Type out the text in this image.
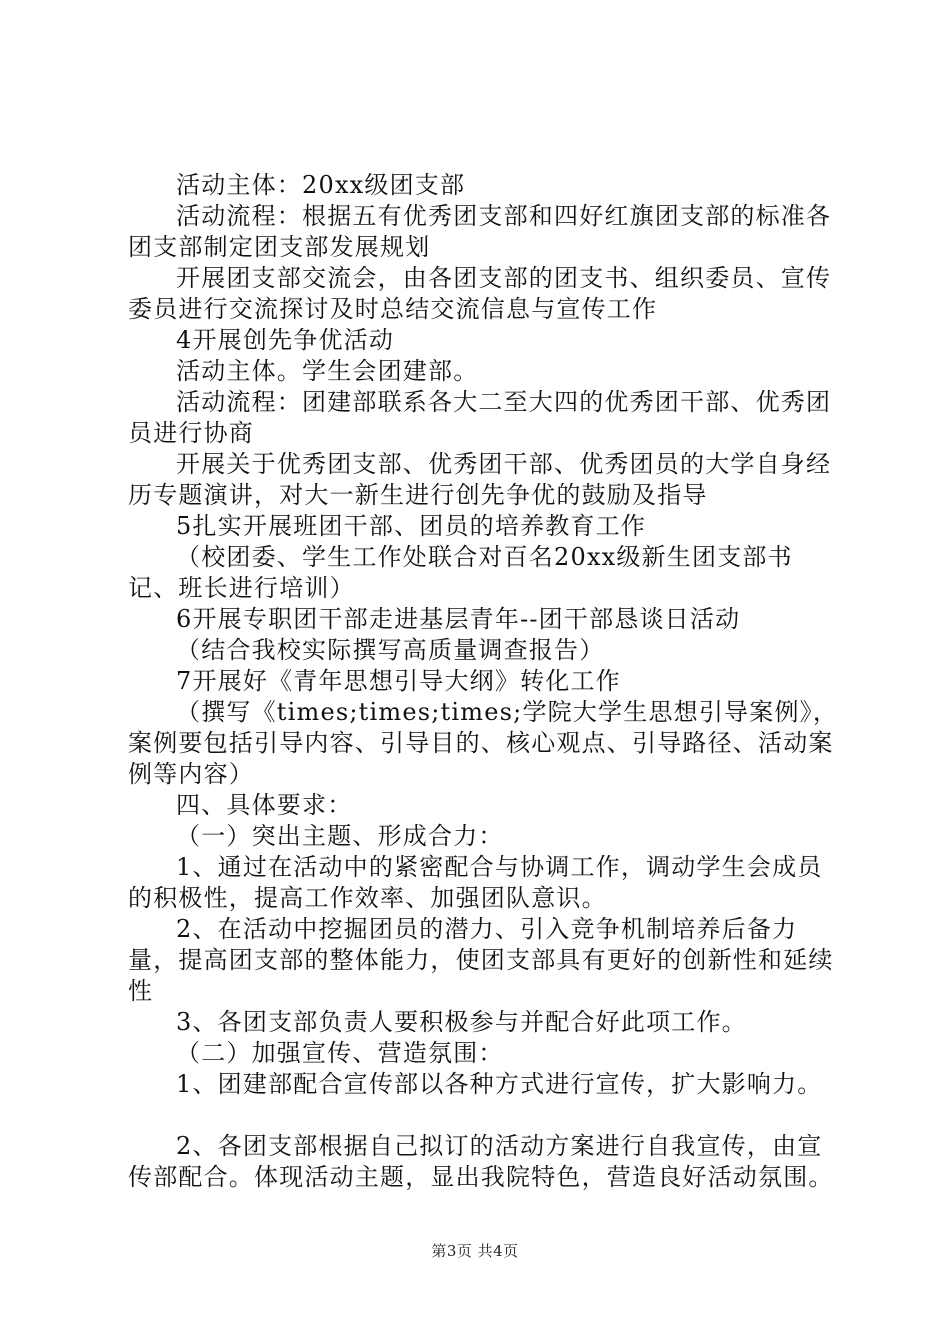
活动主体：20xx级团支部

活动流程：根据五有优秀团支部和四好红旗团支部的标准各团支部制定团支部发展规划

开展团支部交流会，由各团支部的团支书、组织委员、宣传委员进行交流探讨及时总结交流信息与宣传工作

4开展创先争优活动

活动主体。学生会团建部。

活动流程：团建部联系各大二至大四的优秀团干部、优秀团员进行协商

开展关于优秀团支部、优秀团干部、优秀团员的大学自身经历专题演讲，对大一新生进行创先争优的鼓励及指导

5扎实开展班团干部、团员的培养教育工作

（校团委、学生工作处联合对百名20xx级新生团支部书记、班长进行培训）

6开展专职团干部走进基层青年--团干部恳谈日活动

（结合我校实际撰写高质量调查报告）

7开展好《青年思想引导大纲》转化工作

（撰写《times;times;times;学院大学生思想引导案例》，案例要包括引导内容、引导目的、核心观点、引导路径、活动案例等内容）

四、具体要求：

（一）突出主题、形成合力：

1、通过在活动中的紧密配合与协调工作，调动学生会成员的积极性，提高工作效率、加强团队意识。

2、在活动中挖掘团员的潜力、引入竞争机制培养后备力量，提高团支部的整体能力，使团支部具有更好的创新性和延续性

3、各团支部负责人要积极参与并配合好此项工作。

（二）加强宣传、营造氛围：

1、团建部配合宣传部以各种方式进行宣传，扩大影响力。

2、各团支部根据自己拟订的活动方案进行自我宣传，由宣传部配合。体现活动主题，显出我院特色，营造良好活动氛围。

第3页 共4页
